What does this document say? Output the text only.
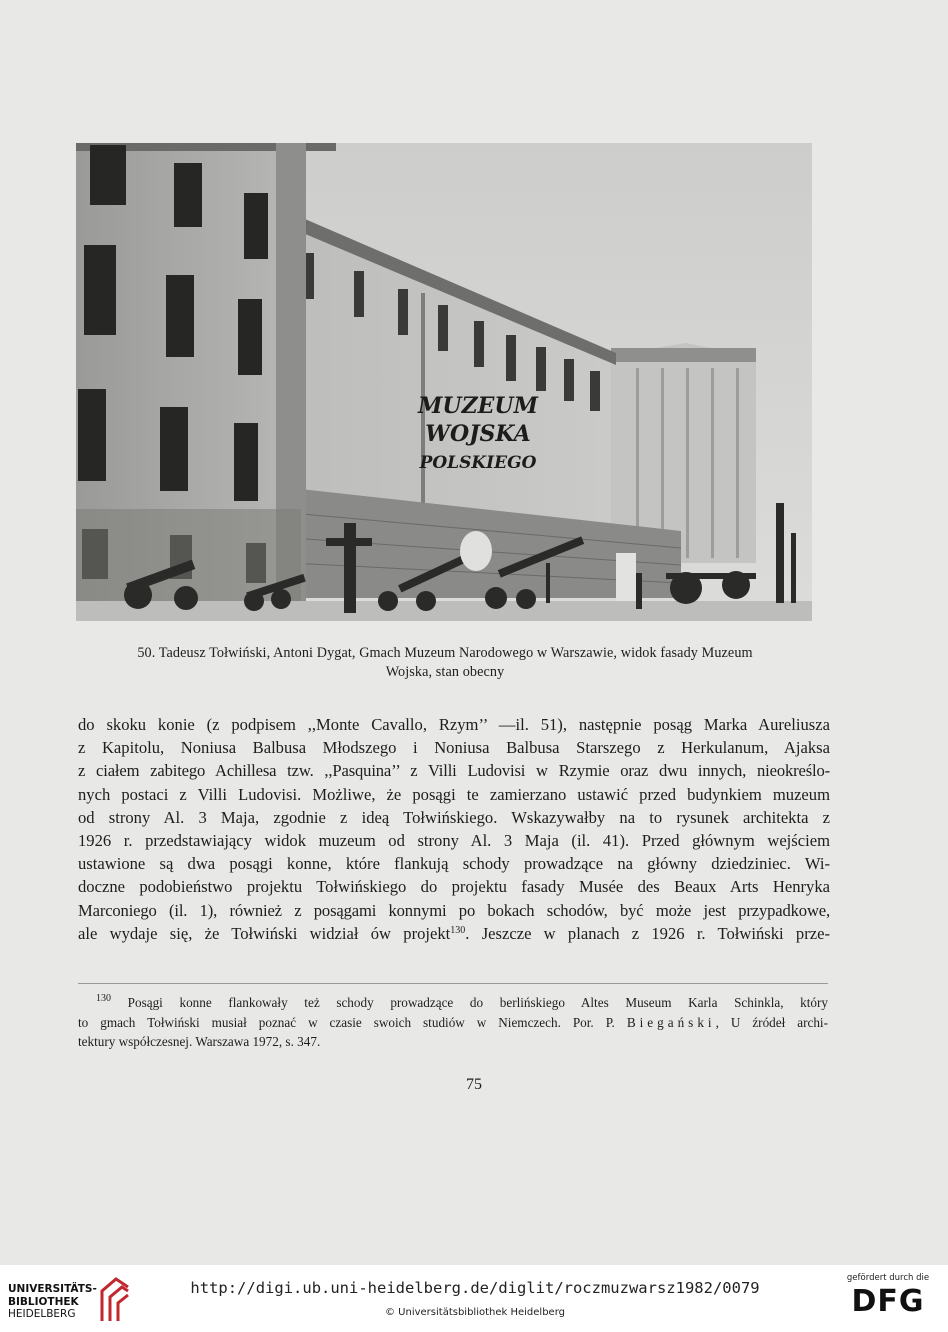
MUZEUM
WOJSKA
POLSKIEGO
50. Tadeusz Tołwiński, Antoni Dygat, Gmach Muzeum Narodowego w Warszawie, widok fasady Muzeum
Wojska, stan obecny
do skoku konie (z podpisem ,,Monte Cavallo, Rzym’’ —il. 51), następnie posąg Marka Aureliusza
z Kapitolu, Noniusa Balbusa Młodszego i Noniusa Balbusa Starszego z Herkulanum, Ajaksa
z ciałem zabitego Achillesa tzw. ,,Pasquina’’ z Villi Ludovisi w Rzymie oraz dwu innych, nieokreślo-
nych postaci z Villi Ludovisi. Możliwe, że posągi te zamierzano ustawić przed budynkiem muzeum
od strony Al. 3 Maja, zgodnie z ideą Tołwińskiego. Wskazywałby na to rysunek architekta z
1926 r. przedstawiający widok muzeum od strony Al. 3 Maja (il. 41). Przed głównym wejściem
ustawione są dwa posągi konne, które flankują schody prowadzące na główny dziedziniec. Wi-
doczne podobieństwo projektu Tołwińskiego do projektu fasady Musée des Beaux Arts Henryka
Marconiego (il. 1), również z posągami konnymi po bokach schodów, być może jest przypadkowe,
ale wydaje się, że Tołwiński widział ów projekt$^{130}$. Jeszcze w planach z 1926 r. Tołwiński prze-
$^{130}$ Posągi konne flankowały też schody prowadzące do berlińskiego Altes Museum Karla Schinkla, który
to gmach Tołwiński musiał poznać w czasie swoich studiów w Niemczech. Por. P. Biegański, U źródeł archi-
tektury współczesnej. Warszawa 1972, s. 347.
75
UNIVERSITÄTS-
BIBLIOTHEK
HEIDELBERG
http://digi.ub.uni-heidelberg.de/diglit/roczmuzwarsz1982/0079
© Universitätsbibliothek Heidelberg
gefördert durch die
DFG
